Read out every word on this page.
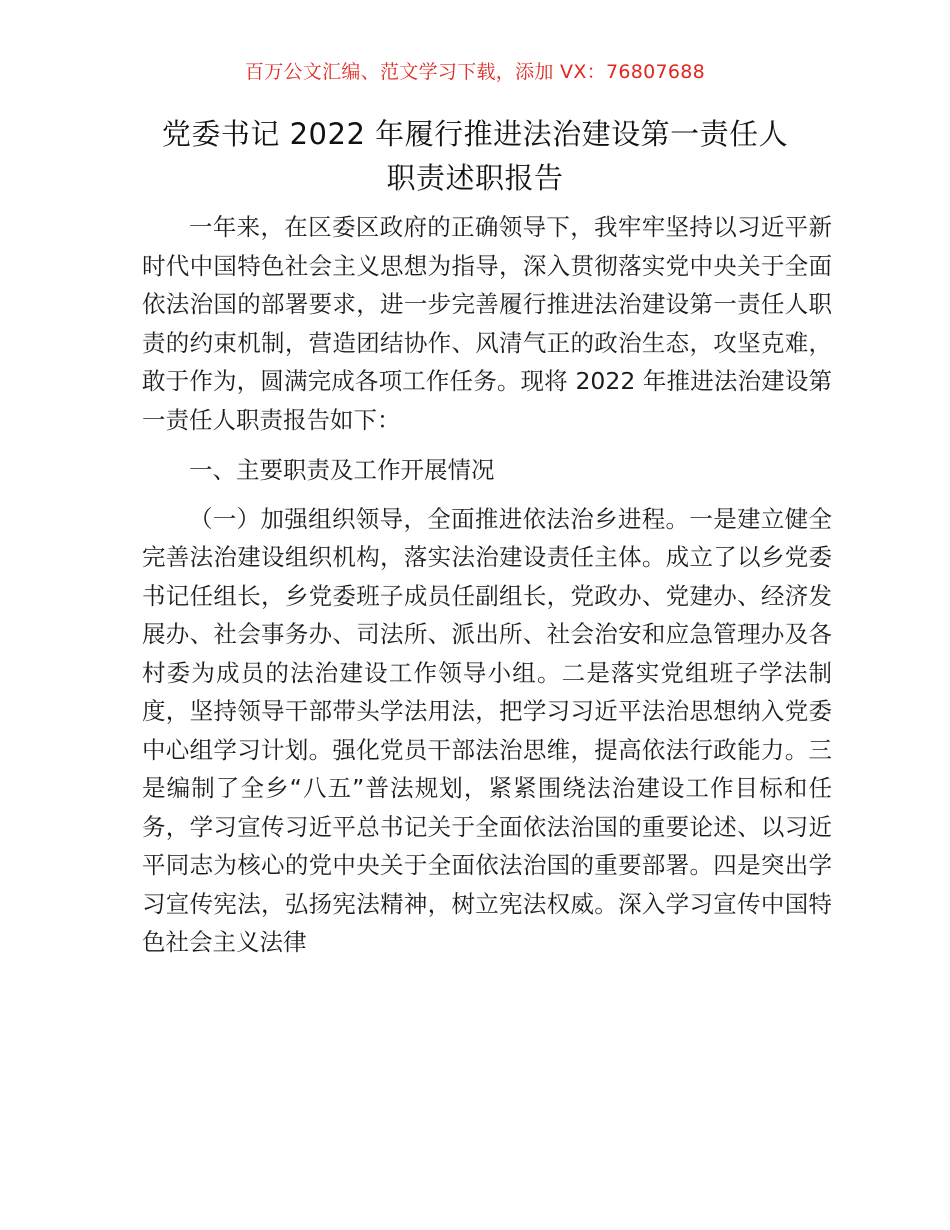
百万公文汇编、范文学习下载，添加 VX：76807688
党委书记 2022 年履行推进法治建设第一责任人
职责述职报告

一年来，在区委区政府的正确领导下，我牢牢坚持以习近平新时代中国特色社会主义思想为指导，深入贯彻落实党中央关于全面依法治国的部署要求，进一步完善履行推进法治建设第一责任人职责的约束机制，营造团结协作、风清气正的政治生态，攻坚克难，敢于作为，圆满完成各项工作任务。现将 2022 年推进法治建设第一责任人职责报告如下：

一、主要职责及工作开展情况

（一）加强组织领导，全面推进依法治乡进程。一是建立健全完善法治建设组织机构，落实法治建设责任主体。成立了以乡党委书记任组长，乡党委班子成员任副组长，党政办、党建办、经济发展办、社会事务办、司法所、派出所、社会治安和应急管理办及各村委为成员的法治建设工作领导小组。二是落实党组班子学法制度，坚持领导干部带头学法用法，把学习习近平法治思想纳入党委中心组学习计划。强化党员干部法治思维，提高依法行政能力。三是编制了全乡“八五”普法规划，紧紧围绕法治建设工作目标和任务，学习宣传习近平总书记关于全面依法治国的重要论述、以习近平同志为核心的党中央关于全面依法治国的重要部署。四是突出学习宣传宪法，弘扬宪法精神，树立宪法权威。深入学习宣传中国特色社会主义法律
